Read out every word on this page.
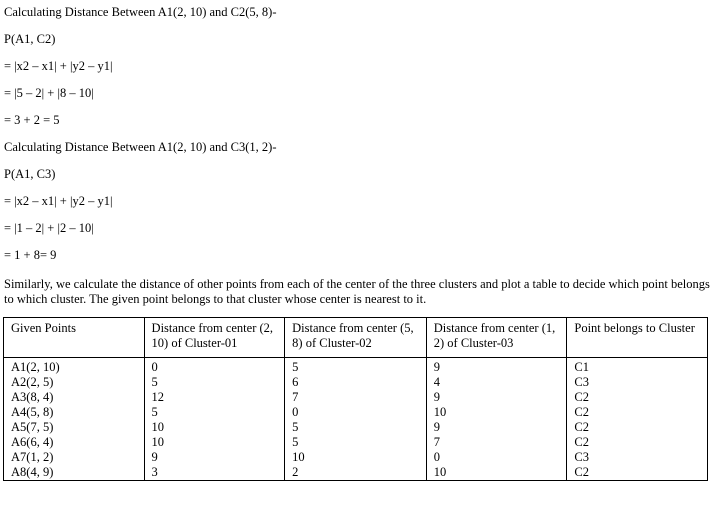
Calculating Distance Between A1(2, 10) and C2(5, 8)-
P(A1, C2)
= |x2 – x1| + |y2 – y1|
= |5 – 2| + |8 – 10|
= 3 + 2 = 5
Calculating Distance Between A1(2, 10) and C3(1, 2)-
P(A1, C3)
= |x2 – x1| + |y2 – y1|
= |1 – 2| + |2 – 10|
= 1 + 8= 9
Similarly, we calculate the distance of other points from each of the center of the three clusters and plot a table to decide which point belongs to which cluster. The given point belongs to that cluster whose center is nearest to it.
Given Points	Distance from center (2, 10) of Cluster-01	Distance from center (5, 8) of Cluster-02	Distance from center (1, 2) of Cluster-03	Point belongs to Cluster
A1(2, 10)	0	5	9	C1
A2(2, 5)	5	6	4	C3
A3(8, 4)	12	7	9	C2
A4(5, 8)	5	0	10	C2
A5(7, 5)	10	5	9	C2
A6(6, 4)	10	5	7	C2
A7(1, 2)	9	10	0	C3
A8(4, 9)	3	2	10	C2
